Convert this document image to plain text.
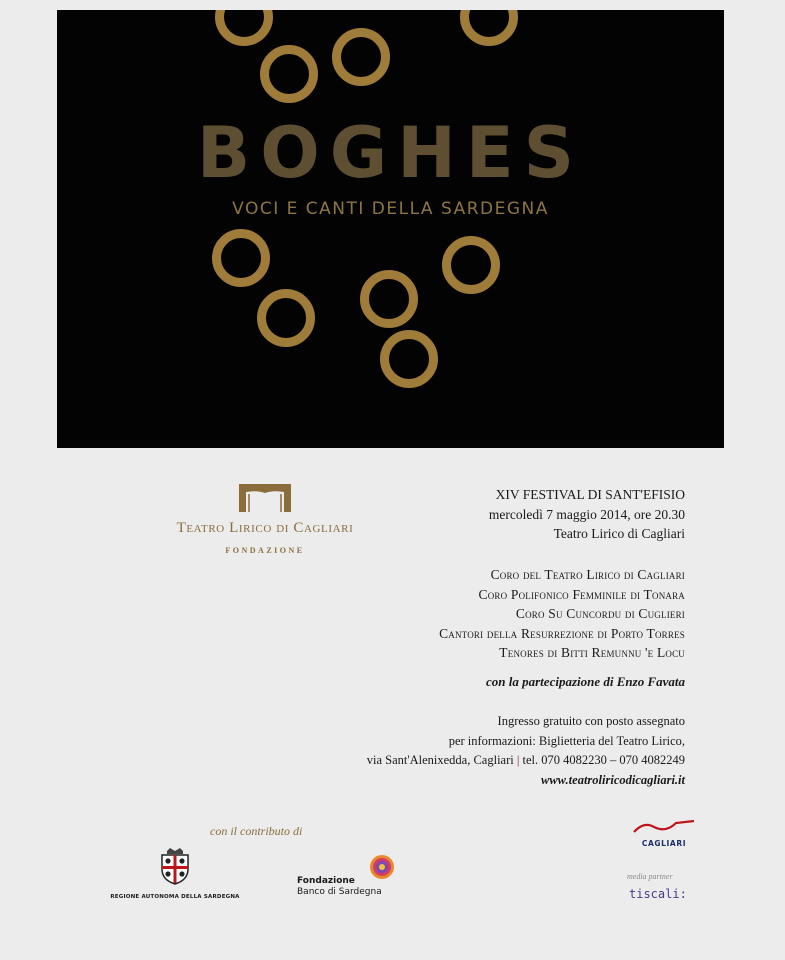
BOGHES
VOCI E CANTI DELLA SARDEGNA
Teatro Lirico di Cagliari
FONDAZIONE
XIV FESTIVAL DI SANT'EFISIO
mercoledì 7 maggio 2014, ore 20.30
Teatro Lirico di Cagliari
Coro del Teatro Lirico di Cagliari
Coro Polifonico Femminile di Tonara
Coro Su Cuncordu di Cuglieri
Cantori della Resurrezione di Porto Torres
Tenores di Bitti Remunnu 'e Locu
con la partecipazione di Enzo Favata
Ingresso gratuito con posto assegnato
per informazioni: Biglietteria del Teatro Lirico,
via Sant'Alenixedda, Cagliari | tel. 070 4082230 – 070 4082249
www.teatroliricodicagliari.it
con il contributo di
REGIONE AUTONOMA DELLA SARDEGNA
Fondazione
Banco di Sardegna
CAGLIARI
media partner
tiscali:
